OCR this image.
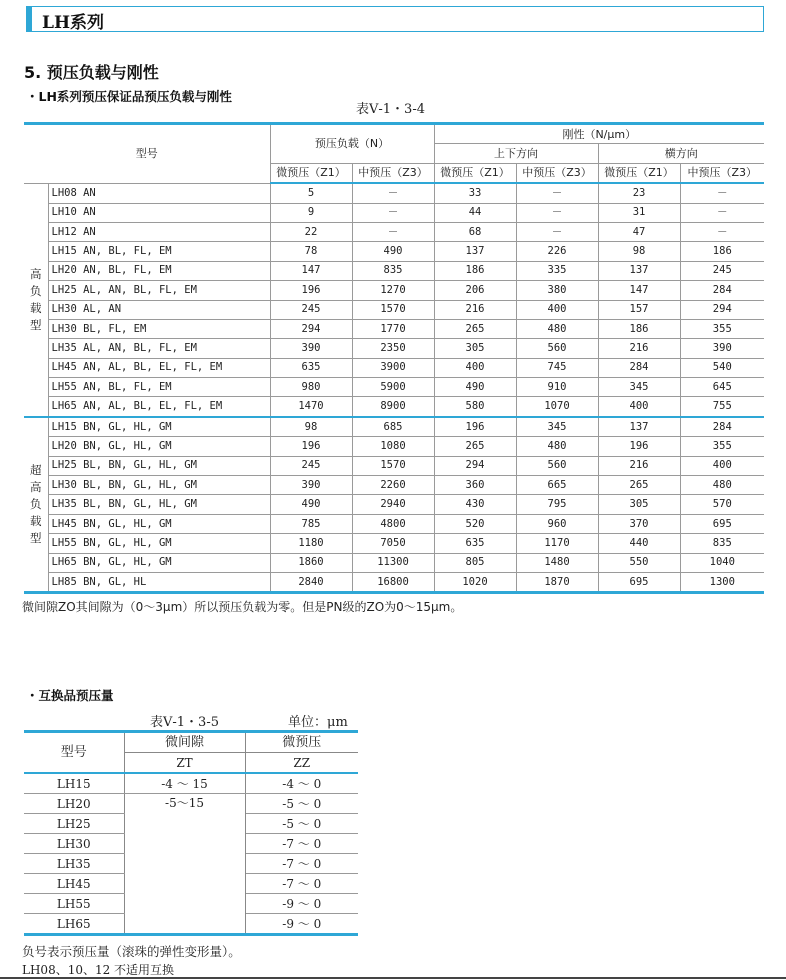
LH系列
5. 预压负载与刚性
・LH系列预压保证品预压负载与刚性
表Ⅴ-1・3-4
型号		预压负载（N）		刚性（N/μm）			
				上下方向		横方向	
		微预压（Z1）	中预压（Z3）	微预压（Z1）	中预压（Z3）	微预压（Z1）	中预压（Z3）
高负载型	LH08 AN	5	－	33	－	23	－
	LH10 AN	9	－	44	－	31	－
	LH12 AN	22	－	68	－	47	－
	LH15 AN, BL, FL, EM	78	490	137	226	98	186
	LH20 AN, BL, FL, EM	147	835	186	335	137	245
	LH25 AL, AN, BL, FL, EM	196	1270	206	380	147	284
	LH30 AL, AN	245	1570	216	400	157	294
	LH30 BL, FL, EM	294	1770	265	480	186	355
	LH35 AL, AN, BL, FL, EM	390	2350	305	560	216	390
	LH45 AN, AL, BL, EL, FL, EM	635	3900	400	745	284	540
	LH55 AN, BL, FL, EM	980	5900	490	910	345	645
	LH65 AN, AL, BL, EL, FL, EM	1470	8900	580	1070	400	755
超高负载型	LH15 BN, GL, HL, GM	98	685	196	345	137	284
	LH20 BN, GL, HL, GM	196	1080	265	480	196	355
	LH25 BL, BN, GL, HL, GM	245	1570	294	560	216	400
	LH30 BL, BN, GL, HL, GM	390	2260	360	665	265	480
	LH35 BL, BN, GL, HL, GM	490	2940	430	795	305	570
	LH45 BN, GL, HL, GM	785	4800	520	960	370	695
	LH55 BN, GL, HL, GM	1180	7050	635	1170	440	835
	LH65 BN, GL, HL, GM	1860	11300	805	1480	550	1040
	LH85 BN, GL, HL	2840	16800	1020	1870	695	1300
微间隙ZO其间隙为（0～3μm）所以预压负载为零。但是PN级的ZO为0～15μm。
・互换品预压量
表Ⅴ-1・3-5	单位：μm
型号	微间隙	微预压
	ZT	ZZ
LH15	-4 ～ 15	-4 ～ 0
LH20	-5～15	-5 ～ 0
LH25		-5 ～ 0
LH30		-7 ～ 0
LH35		-7 ～ 0
LH45		-7 ～ 0
LH55		-9 ～ 0
LH65		-9 ～ 0
负号表示预压量（滚珠的弹性变形量）。
LH08、10、12 不适用互换
